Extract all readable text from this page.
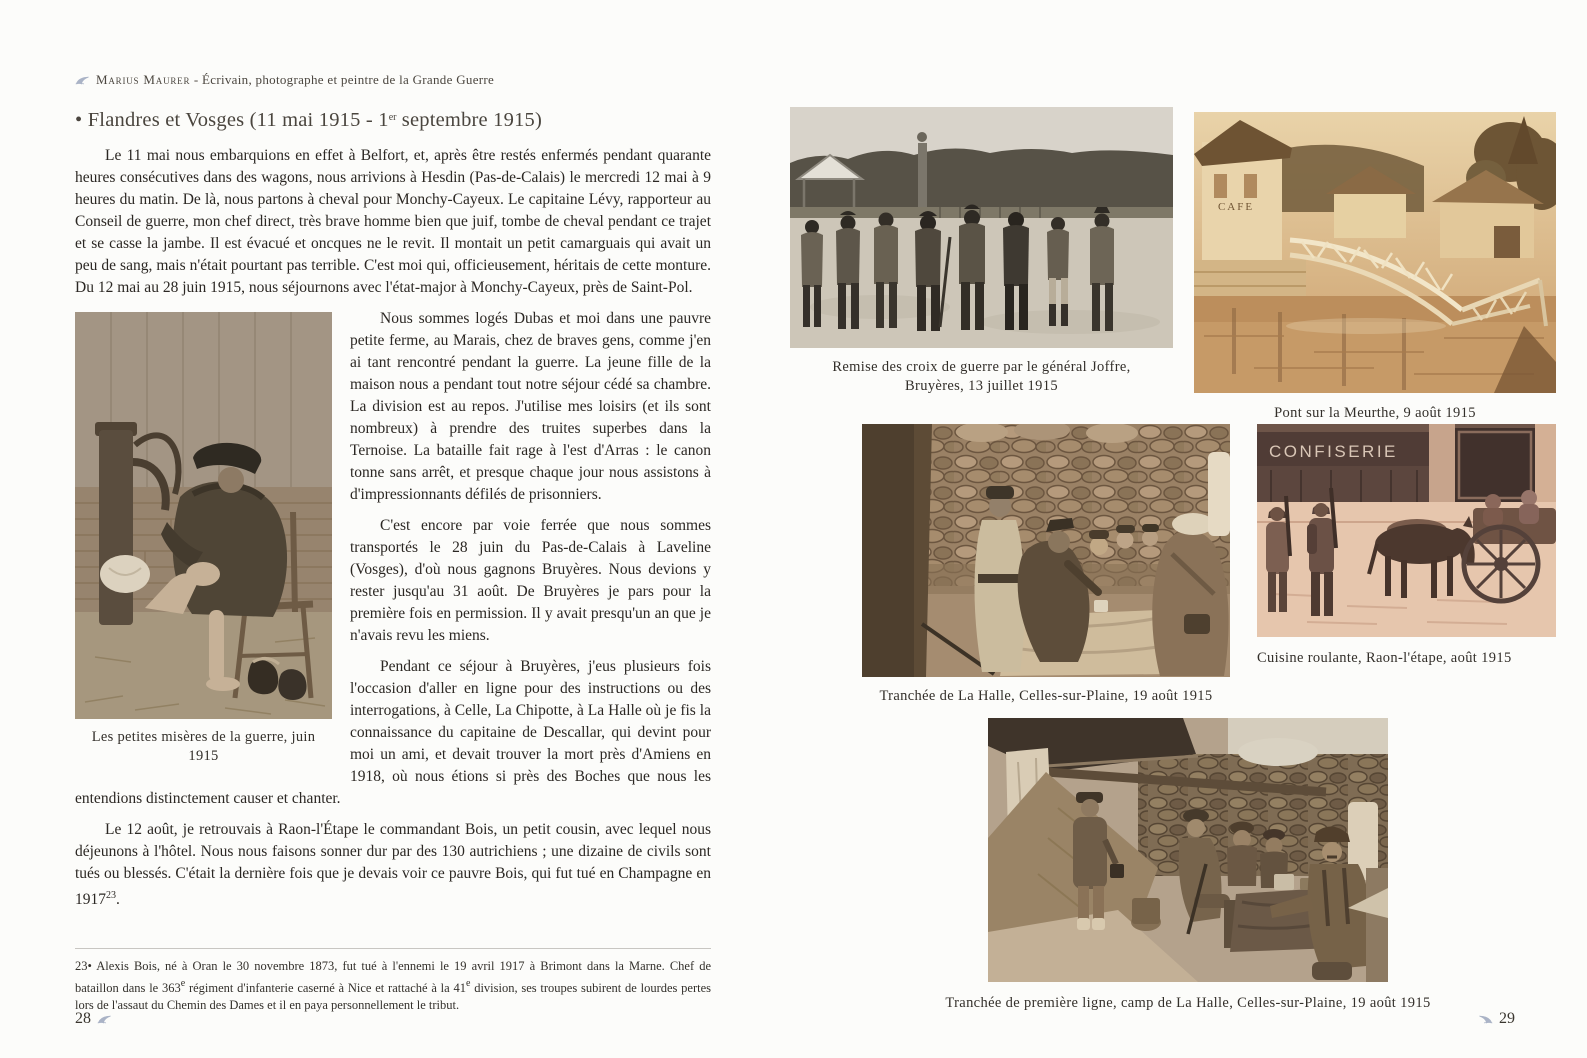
Marius Maurer - Écrivain, photographe et peintre de la Grande Guerre
• Flandres et Vosges (11 mai 1915 - 1er septembre 1915)

Le 11 mai nous embarquions en effet à Belfort, et, après être restés enfermés pendant quarante heures consécutives dans des wagons, nous arrivions à Hesdin (Pas-de-Calais) le mercredi 12 mai à 9 heures du matin. De là, nous partons à cheval pour Monchy-Cayeux. Le capitaine Lévy, rapporteur au Conseil de guerre, mon chef direct, très brave homme bien que juif, tombe de cheval pendant ce trajet et se casse la jambe. Il est évacué et oncques ne le revit. Il montait un petit camarguais qui avait un peu de sang, mais n'était pourtant pas terrible. C'est moi qui, officieusement, héritais de cette monture. Du 12 mai au 28 juin 1915, nous séjournons avec l'état-major à Monchy-Cayeux, près de Saint-Pol.

Les petites misères de la guerre, juin 1915

Nous sommes logés Dubas et moi dans une pauvre petite ferme, au Marais, chez de braves gens, comme j'en ai tant rencontré pendant la guerre. La jeune fille de la maison nous a pendant tout notre séjour cédé sa chambre. La division est au repos. J'utilise mes loisirs (et ils sont nombreux) à prendre des truites superbes dans la Ternoise. La bataille fait rage à l'est d'Arras : le canon tonne sans arrêt, et presque chaque jour nous assistons à d'impressionnants défilés de prisonniers.

C'est encore par voie ferrée que nous sommes transportés le 28 juin du Pas-de-Calais à Laveline (Vosges), d'où nous gagnons Bruyères. Nous devions y rester jusqu'au 31 août. De Bruyères je pars pour la première fois en permission. Il y avait presqu'un an que je n'avais revu les miens.

Pendant ce séjour à Bruyères, j'eus plusieurs fois l'occasion d'aller en ligne pour des instructions ou des interrogations, à Celle, La Chipotte, à La Halle où je fis la connaissance du capitaine de Descallar, qui devint pour moi un ami, et devait trouver la mort près d'Amiens en 1918, où nous étions si près des Boches que nous les entendions distinctement causer et chanter.

Le 12 août, je retrouvais à Raon-l'Étape le commandant Bois, un petit cousin, avec lequel nous déjeunons à l'hôtel. Nous nous faisons sonner dur par des 130 autrichiens ; une dizaine de civils sont tués ou blessés. C'était la dernière fois que je devais voir ce pauvre Bois, qui fut tué en Champagne en 1917$^{23}$.

23• Alexis Bois, né à Oran le 30 novembre 1873, fut tué à l'ennemi le 19 avril 1917 à Brimont dans la Marne. Chef de bataillon dans le 363e régiment d'infanterie caserné à Nice et rattaché à la 41e division, ses troupes subirent de lourdes pertes lors de l'assaut du Chemin des Dames et il en paya personnellement le tribut.
28
Remise des croix de guerre par le général Joffre,
Bruyères, 13 juillet 1915
CAFE
Pont sur la Meurthe, 9 août 1915
Tranchée de La Halle, Celles-sur-Plaine, 19 août 1915
CONFISERIE
Cuisine roulante, Raon-l'étape, août 1915
Tranchée de première ligne, camp de La Halle, Celles-sur-Plaine, 19 août 1915
29
